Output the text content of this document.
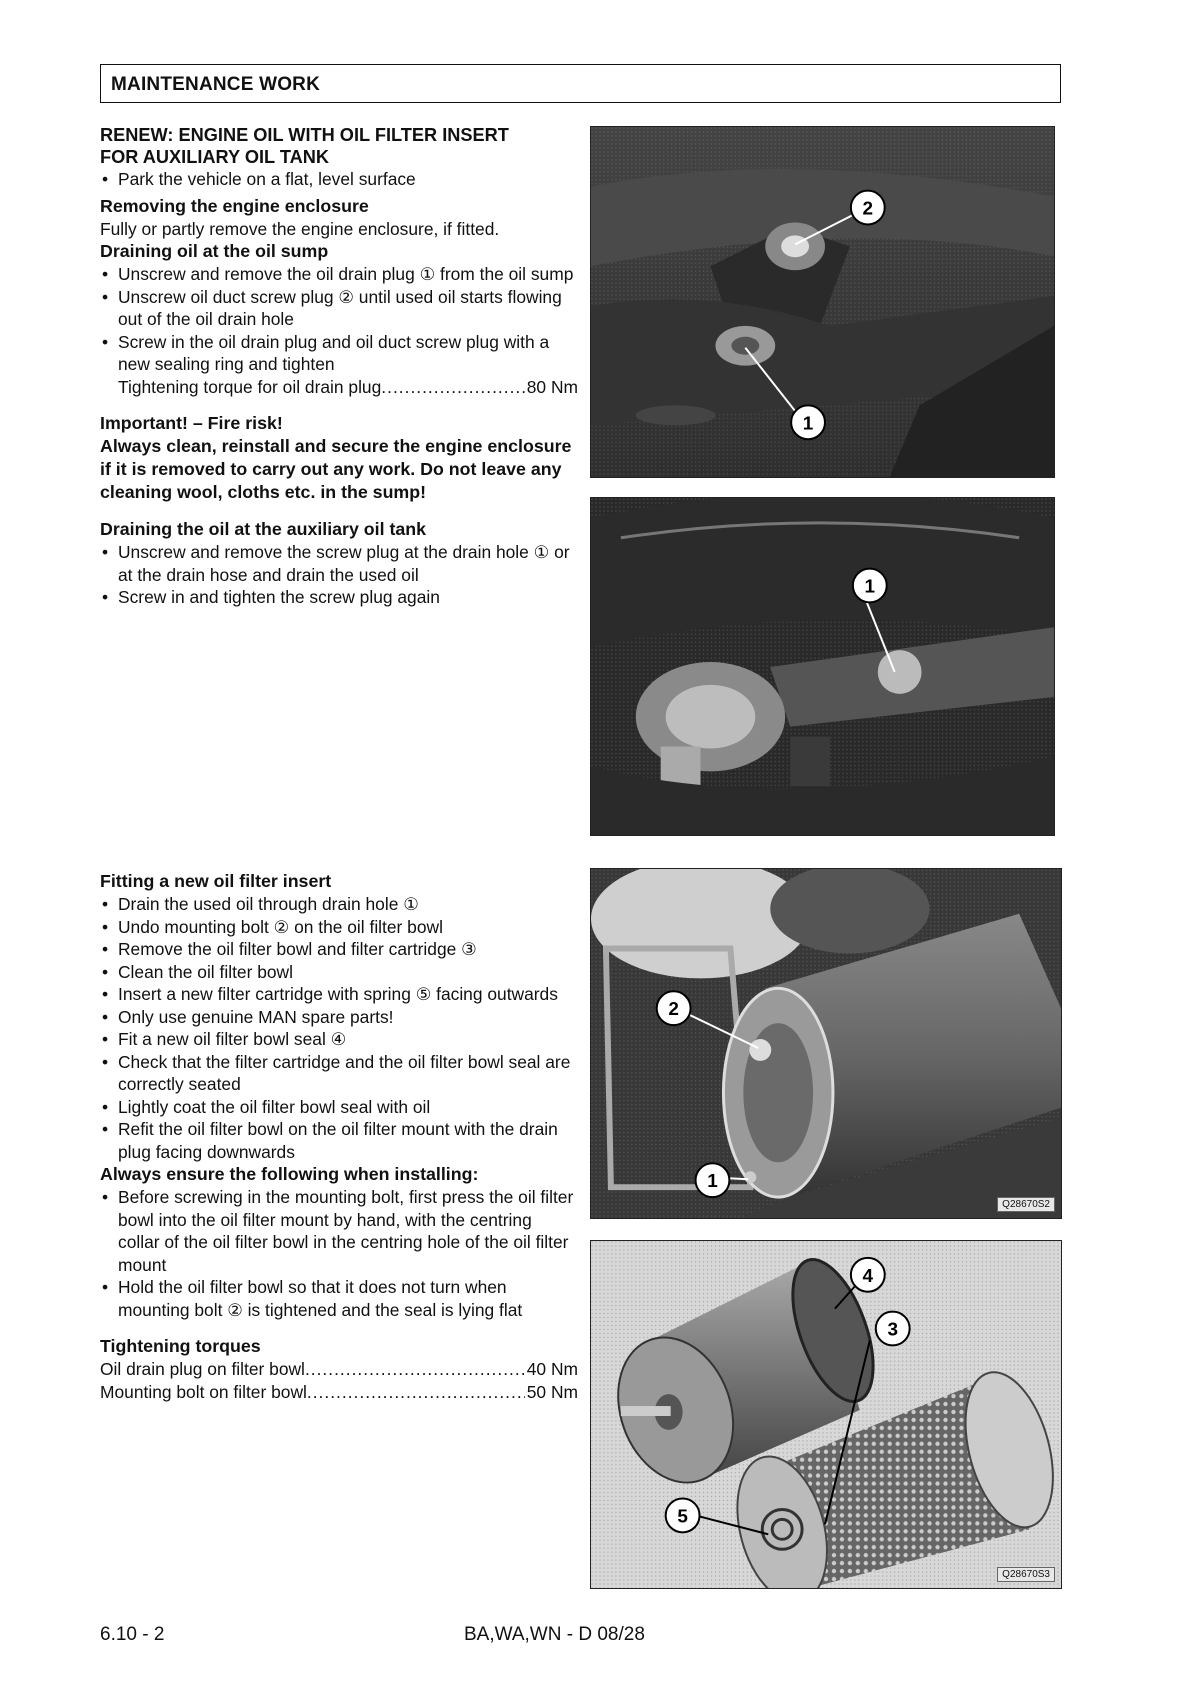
MAINTENANCE WORK
RENEW: ENGINE OIL WITH OIL FILTER INSERT
FOR AUXILIARY OIL TANK
• Park the vehicle on a flat, level surface
Removing the engine enclosure
Fully or partly remove the engine enclosure, if fitted.
Draining oil at the oil sump
• Unscrew and remove the oil drain plug ① from the oil sump
• Unscrew oil duct screw plug ② until used oil starts flowing out of the oil drain hole
• Screw in the oil drain plug and oil duct screw plug with a new sealing ring and tighten
Tightening torque for oil drain plug .....	80 Nm
Important! – Fire risk!
Always clean, reinstall and secure the engine enclosure if it is removed to carry out any work. Do not leave any cleaning wool, cloths etc. in the sump!
Draining the oil at the auxiliary oil tank
• Unscrew and remove the screw plug at the drain hole ① or at the drain hose and drain the used oil
• Screw in and tighten the screw plug again
Fitting a new oil filter insert
• Drain the used oil through drain hole ①
• Undo mounting bolt ② on the oil filter bowl
• Remove the oil filter bowl and filter cartridge ③
• Clean the oil filter bowl
• Insert a new filter cartridge with spring ⑤ facing outwards
• Only use genuine MAN spare parts!
• Fit a new oil filter bowl seal ④
• Check that the filter cartridge and the oil filter bowl seal are correctly seated
• Lightly coat the oil filter bowl seal with oil
• Refit the oil filter bowl on the oil filter mount with the drain plug facing downwards
Always ensure the following when installing:
• Before screwing in the mounting bolt, first press the oil filter bowl into the oil filter mount by hand, with the centring collar of the oil filter bowl in the centring hole of the oil filter mount
• Hold the oil filter bowl so that it does not turn when mounting bolt ② is tightened and the seal is lying flat
Tightening torques
Oil drain plug on filter bowl .....	40 Nm
Mounting bolt on filter bowl .....	50 Nm
2
1
1
2
1
Q28670S2
4
3
5
Q28670S3
6.10 - 2	BA,WA,WN - D 08/28
